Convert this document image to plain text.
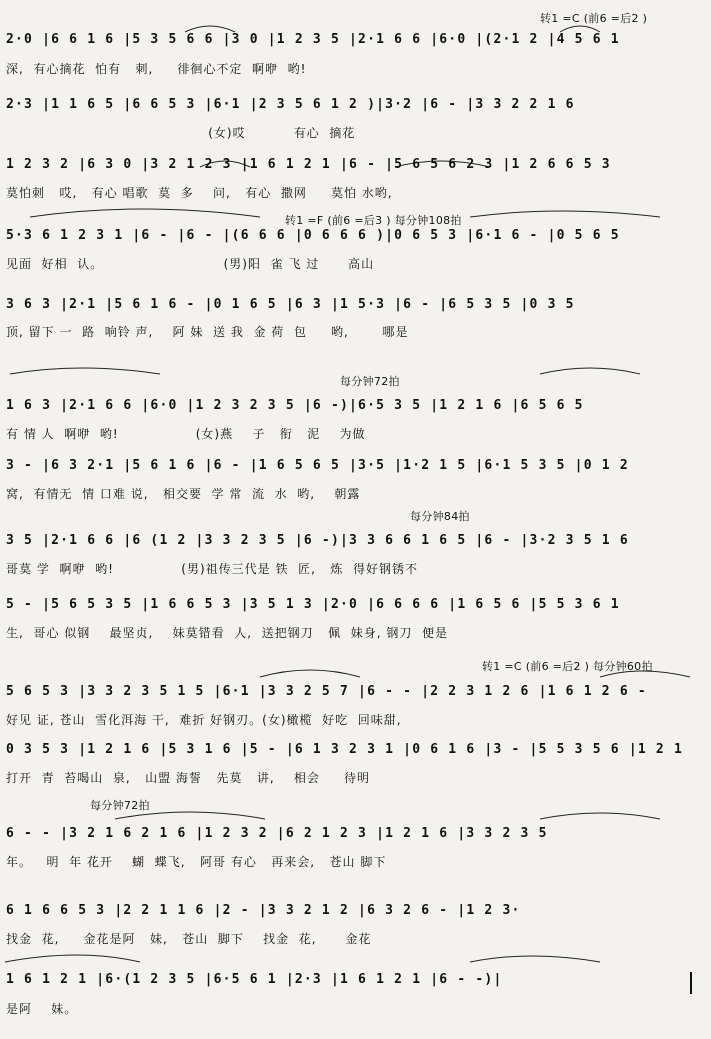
转1 =C (前6 =后2 )
转1 =F (前6 =后3 ) 每分钟108拍
每分钟72拍
每分钟84拍
转1 =C (前6 =后2 ) 每分钟60拍
每分钟72拍
2·0 |6 6 1 6 |5 3 5 6 6 |3 0 |1 2 3 5 |2·1 6 6 |6·0 |(2·1 2 |4 5 6 1
深,  有心摘花  怕有   刺,     徘徊心不定  啊咿  哟!
2·3 |1 1 6 5 |6 6 5 3 |6·1 |2 3 5 6 1 2 )|3·2 |6 - |3 3 2 2 1 6
(女)哎          有心  摘花
1 2 3 2 |6 3 0 |3 2 1 2 3 |1 6 1 2 1 |6 - |5 6 5 6 2 3 |1 2 6 6 5 3
莫怕刺   哎,   有心 唱歌  莫  多    问,   有心  撒网     莫怕 水哟,
5·3 6 1 2 3 1 |6 - |6 - |(6 6 6 |0 6 6 6 )|0 6 5 3 |6·1 6 - |0 5 6 5
见面  好相  认。                         (男)阳  雀 飞 过      高山
3 6 3 |2·1 |5 6 1 6 - |0 1 6 5 |6 3 |1 5·3 |6 - |6 5 3 5 |0 3 5
顶, 留下 一  路  响铃 声,    阿 妹  送 我  金 荷  包     哟,       哪是
1 6 3 |2·1 6 6 |6·0 |1 2 3 2 3 5 |6 -)|6·5 3 5 |1 2 1 6 |6 5 6 5
有 情 人  啊咿  哟!                (女)燕    子   衔   泥    为做
3 - |6 3 2·1 |5 6 1 6 |6 - |1 6 5 6 5 |3·5 |1·2 1 5 |6·1 5 3 5 |0 1 2
窝,  有情无  情 口难 说,   相交要  学 常  流  水  哟,    朝露
3 5 |2·1 6 6 |6 (1 2 |3 3 2 3 5 |6 -)|3 3 6 6 1 6 5 |6 - |3·2 3 5 1 6
哥莫 学  啊咿  哟!              (男)祖传三代是 铁  匠,   炼  得好钢锈不
5 - |5 6 5 3 5 |1 6 6 5 3 |3 5 1 3 |2·0 |6 6 6 6 |1 6 5 6 |5 5 3 6 1
生,  哥心 似钢    最坚贞,    妹莫错看  人,  送把钢刀   佩  妹身, 钢刀  便是
5 6 5 3 |3 3 2 3 5 1 5 |6·1 |3 3 2 5 7 |6 - - |2 2 3 1 2 6 |1 6 1 2 6 -
好见 证, 苍山  雪化洱海 干,  难折 好钢刃。(女)橄榄  好吃  回味甜,
0 3 5 3 |1 2 1 6 |5 3 1 6 |5 - |6 1 3 2 3 1 |0 6 1 6 |3 - |5 5 3 5 6 |1 2 1
打开  青  苔喝山  泉,   山盟 海誓   先莫   讲,    相会     待明
6 - - |3 2 1 6 2 1 6 |1 2 3 2 |6 2 1 2 3 |1 2 1 6 |3 3 2 3 5
年。   明  年 花开    蝴  蝶飞,   阿哥 有心   再来会,   苍山 脚下
6 1 6 6 5 3 |2 2 1 1 6 |2 - |3 3 2 1 2 |6 3 2 6 - |1 2 3·
找金  花,     金花是阿   妹,   苍山  脚下    找金  花,      金花
1 6 1 2 1 |6·(1 2 3 5 |6·5 6 1 |2·3 |1 6 1 2 1 |6 - -)|
是阿    妹。
